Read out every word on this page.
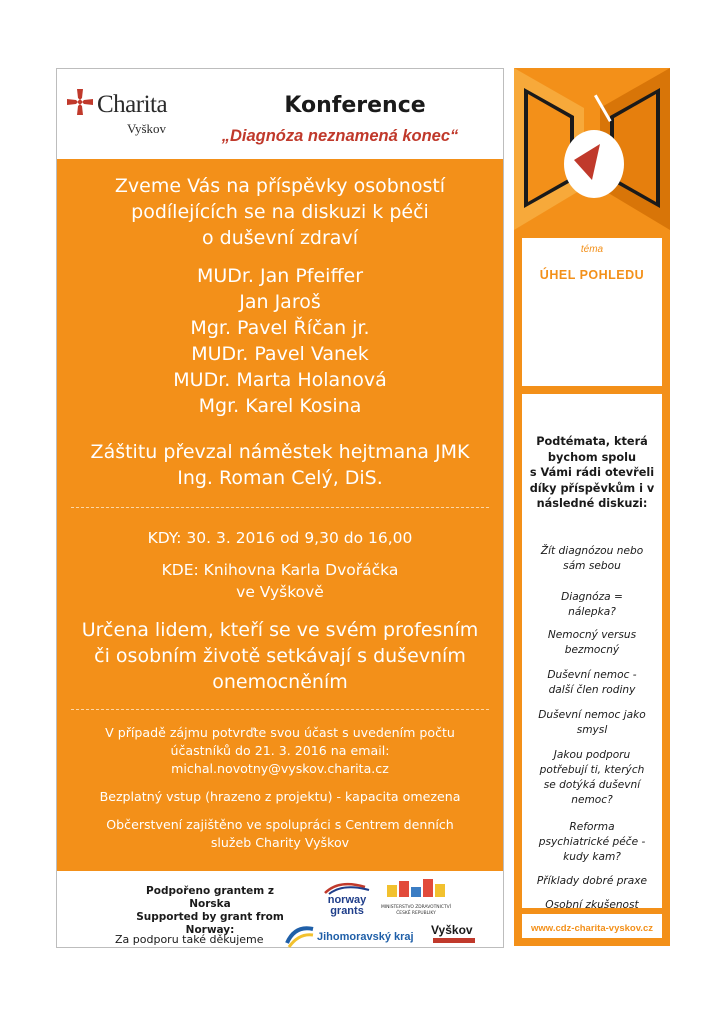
Charita
Vyškov
Konference
„Diagnóza neznamená konec“
Zveme Vás na příspěvky osobností
podílejících se na diskuzi k péči
o duševní zdraví
MUDr. Jan Pfeiffer
Jan Jaroš
Mgr. Pavel Říčan jr.
MUDr. Pavel Vanek
MUDr. Marta Holanová
Mgr. Karel Kosina
Záštitu převzal náměstek hejtmana JMK
Ing. Roman Celý, DiS.
KDY: 30. 3. 2016 od 9,30 do 16,00
KDE: Knihovna Karla Dvořáčka
ve Vyškově
Určena lidem, kteří se ve svém profesním
či osobním životě setkávají s duševním
onemocněním
V případě zájmu potvrďte svou účast s uvedením počtu
účastníků do 21. 3. 2016 na email:
michal.novotny@vyskov.charita.cz
Bezplatný vstup (hrazeno z projektu) - kapacita omezena
Občerstvení zajištěno ve spolupráci s Centrem denních
služeb Charity Vyškov
Podpořeno grantem z Norska
Supported by grant from Norway:
norway
grants	MINISTERSTVO ZDRAVOTNICTVÍ
ČESKÉ REPUBLIKY
Za podporu také děkujeme	Jihomoravský kraj Vyškov
téma
ÚHEL POHLEDU
Podtémata, která
bychom spolu
s Vámi rádi otevřeli
díky příspěvkům i v
následné diskuzi:
Žít diagnózou nebo
sám sebou
Diagnóza =
nálepka?
Nemocný versus
bezmocný
Duševní nemoc -
další člen rodiny
Duševní nemoc jako
smysl
Jakou podporu
potřebují ti, kterých
se dotýká duševní
nemoc?
Reforma
psychiatrické péče -
kudy kam?
Příklady dobré praxe
Osobní zkušenost
www.cdz-charita-vyskov.cz
